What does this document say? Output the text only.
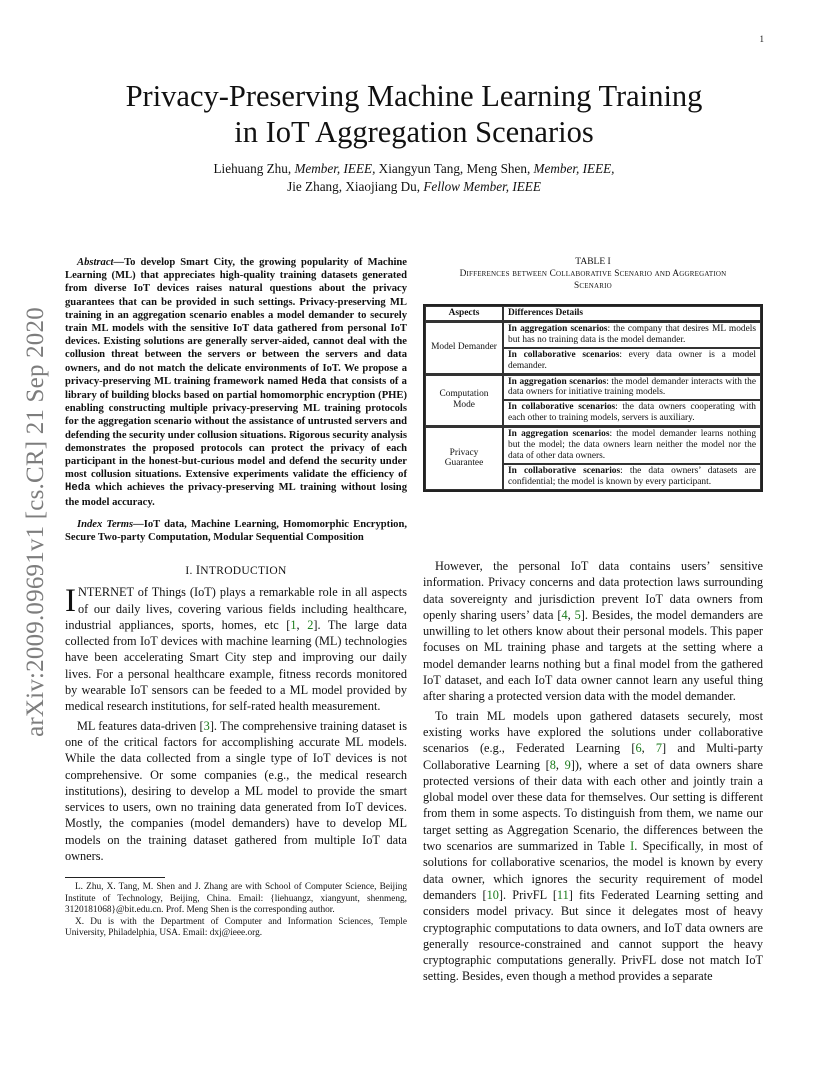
1
arXiv:2009.09691v1 [cs.CR] 21 Sep 2020
Privacy-Preserving Machine Learning Training
in IoT Aggregation Scenarios
Liehuang Zhu, Member, IEEE, Xiangyun Tang, Meng Shen, Member, IEEE,
Jie Zhang, Xiaojiang Du, Fellow Member, IEEE

Abstract—To develop Smart City, the growing popularity of Machine Learning (ML) that appreciates high-quality training datasets generated from diverse IoT devices raises natural questions about the privacy guarantees that can be provided in such settings. Privacy-preserving ML training in an aggregation scenario enables a model demander to securely train ML models with the sensitive IoT data gathered from personal IoT devices. Existing solutions are generally server-aided, cannot deal with the collusion threat between the servers or between the servers and data owners, and do not match the delicate environments of IoT. We propose a privacy-preserving ML training framework named Heda that consists of a library of building blocks based on partial homomorphic encryption (PHE) enabling constructing multiple privacy-preserving ML training protocols for the aggregation scenario without the assistance of untrusted servers and defending the security under collusion situations. Rigorous security analysis demonstrates the proposed protocols can protect the privacy of each participant in the honest-but-curious model and defend the security under most collusion situations. Extensive experiments validate the efficiency of Heda which achieves the privacy-preserving ML training without losing the model accuracy.

Index Terms—IoT data, Machine Learning, Homomorphic Encryption, Secure Two-party Computation, Modular Sequential Composition
I. INTRODUCTION

INTERNET of Things (IoT) plays a remarkable role in all aspects of our daily lives, covering various fields including healthcare, industrial appliances, sports, homes, etc [1, 2]. The large data collected from IoT devices with machine learning (ML) technologies have been accelerating Smart City step and improving our daily lives. For a personal healthcare example, fitness records monitored by wearable IoT sensors can be feeded to a ML model provided by medical research institutions, for self-rated health measurement.

ML features data-driven [3]. The comprehensive training dataset is one of the critical factors for accomplishing accurate ML models. While the data collected from a single type of IoT devices is not comprehensive. Or some companies (e.g., the medical research institutions), desiring to develop a ML model to provide the smart services to users, own no training data generated from IoT devices. Mostly, the companies (model demanders) have to develop ML models on the training dataset gathered from multiple IoT data owners.

L. Zhu, X. Tang, M. Shen and J. Zhang are with School of Computer Science, Beijing Institute of Technology, Beijing, China. Email: {liehuangz, xiangyunt, shenmeng, 3120181068}@bit.edu.cn. Prof. Meng Shen is the corresponding author.

X. Du is with the Department of Computer and Information Sciences, Temple University, Philadelphia, USA. Email: dxj@ieee.org.

TABLE I
Differences between Collaborative Scenario and Aggregation
Scenario
Aspects	Differences Details
Model Demander	In aggregation scenarios: the company that desires ML models but has no training data is the model demander.
	In collaborative scenarios: every data owner is a model demander.
Computation Mode	In aggregation scenarios: the model demander interacts with the data owners for initiative training models.
	In collaborative scenarios: the data owners cooperating with each other to training models, servers is auxiliary.
Privacy Guarantee	In aggregation scenarios: the model demander learns nothing but the model; the data owners learn neither the model nor the data of other data owners.
	In collaborative scenarios: the data owners’ datasets are confidential; the model is known by every participant.

However, the personal IoT data contains users’ sensitive information. Privacy concerns and data protection laws surrounding data sovereignty and jurisdiction prevent IoT data owners from openly sharing users’ data [4, 5]. Besides, the model demanders are unwilling to let others know about their personal models. This paper focuses on ML training phase and targets at the setting where a model demander learns nothing but a final model from the gathered IoT dataset, and each IoT data owner cannot learn any useful thing after sharing a protected version data with the model demander.

To train ML models upon gathered datasets securely, most existing works have explored the solutions under collaborative scenarios (e.g., Federated Learning [6, 7] and Multi-party Collaborative Learning [8, 9]), where a set of data owners share protected versions of their data with each other and jointly train a global model over these data for themselves. Our setting is different from them in some aspects. To distinguish from them, we name our target setting as Aggregation Scenario, the differences between the two scenarios are summarized in Table I. Specifically, in most of solutions for collaborative scenarios, the model is known by every data owner, which ignores the security requirement of model demanders [10]. PrivFL [11] fits Federated Learning setting and considers model privacy. But since it delegates most of heavy cryptographic computations to data owners, and IoT data owners are generally resource-constrained and cannot support the heavy cryptographic computations generally. PrivFL dose not match IoT setting. Besides, even though a method provides a separate
